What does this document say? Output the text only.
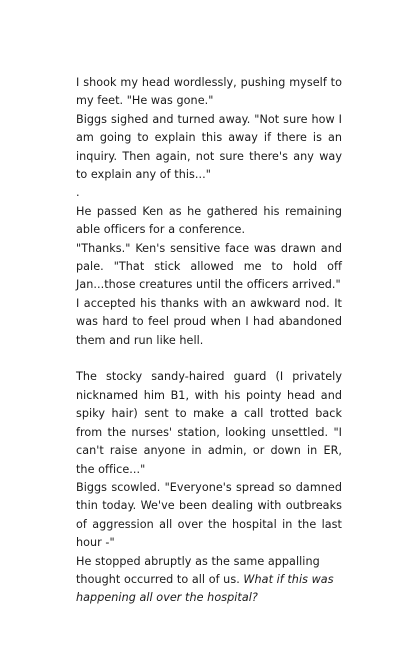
I shook my head wordlessly, pushing myself to my feet. "He was gone."

Biggs sighed and turned away. "Not sure how I am going to explain this away if there is an inquiry. Then again, not sure there's any way to explain any of this..."

.

He passed Ken as he gathered his remaining able officers for a conference.

"Thanks." Ken's sensitive face was drawn and pale. "That stick allowed me to hold off Jan...those creatures until the officers arrived."

I accepted his thanks with an awkward nod. It was hard to feel proud when I had abandoned them and run like hell.

The stocky sandy-haired guard (I privately nicknamed him B1, with his pointy head and spiky hair) sent to make a call trotted back from the nurses' station, looking unsettled. "I can't raise anyone in admin, or down in ER, the office..."

Biggs scowled. "Everyone's spread so damned thin today. We've been dealing with outbreaks of aggression all over the hospital in the last hour -"

He stopped abruptly as the same appalling thought occurred to all of us. What if this was happening all over the hospital?
